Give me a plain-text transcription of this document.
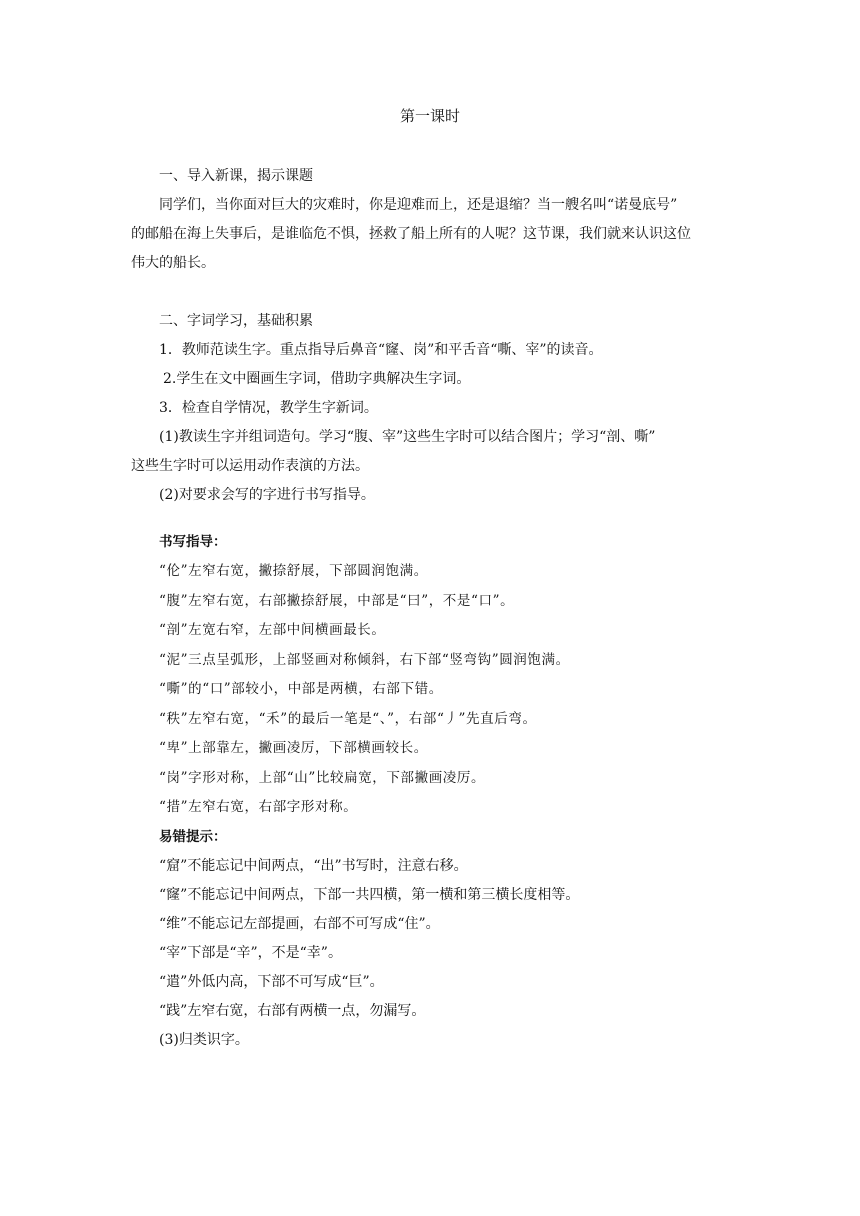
第一课时

一、导入新课，揭示课题

同学们，当你面对巨大的灾难时，你是迎难而上，还是退缩？当一艘名叫“诺曼底号”

的邮船在海上失事后，是谁临危不惧，拯救了船上所有的人呢？这节课，我们就来认识这位

伟大的船长。

二、字词学习，基础积累

1．教师范读生字。重点指导后鼻音“窿、岗”和平舌音“嘶、宰”的读音。

2.学生在文中圈画生字词，借助字典解决生字词。

3．检查自学情况，教学生字新词。

(1)教读生字并组词造句。学习“腹、宰”这些生字时可以结合图片；学习“剖、嘶”

这些生字时可以运用动作表演的方法。

(2)对要求会写的字进行书写指导。

书写指导：

“伦”左窄右宽，撇捺舒展，下部圆润饱满。

“腹”左窄右宽，右部撇捺舒展，中部是“曰”，不是“口”。

“剖”左宽右窄，左部中间横画最长。

“泥”三点呈弧形，上部竖画对称倾斜，右下部“竖弯钩”圆润饱满。

“嘶”的“口”部较小，中部是两横，右部下错。

“秩”左窄右宽，“禾”的最后一笔是“、”，右部“丿”先直后弯。

“卑”上部靠左，撇画凌厉，下部横画较长。

“岗”字形对称，上部“山”比较扁宽，下部撇画凌厉。

“措”左窄右宽，右部字形对称。

易错提示：

“窟”不能忘记中间两点，“出”书写时，注意右移。

“窿”不能忘记中间两点，下部一共四横，第一横和第三横长度相等。

“维”不能忘记左部提画，右部不可写成“住”。

“宰”下部是“辛”，不是“幸”。

“遣”外低内高，下部不可写成“巨”。

“践”左窄右宽，右部有两横一点，勿漏写。

(3)归类识字。
